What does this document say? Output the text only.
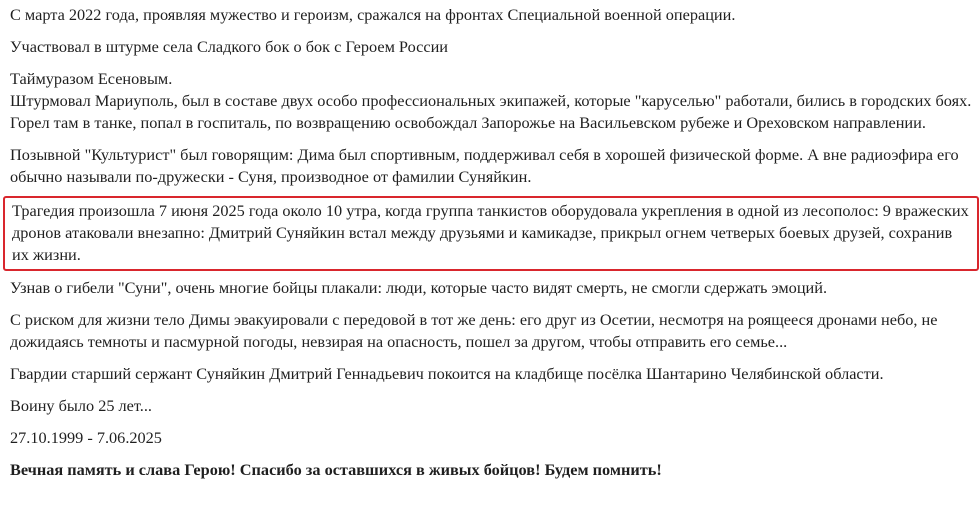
С марта 2022 года, проявляя мужество и героизм, сражался на фронтах Специальной военной операции.

Участвовал в штурме села Сладкого бок о бок с Героем России

Таймуразом Есеновым.

Штурмовал Мариуполь, был в составе двух особо профессиональных экипажей, которые "каруселью" работали, бились в городских боях. Горел там в танке, попал в госпиталь, по возвращению освобождал Запорожье на Васильевском рубеже и Ореховском направлении.

Позывной "Культурист" был говорящим: Дима был спортивным, поддерживал себя в хорошей физической форме. А вне радиоэфира его обычно называли по-дружески - Суня, производное от фамилии Суняйкин.

Трагедия произошла 7 июня 2025 года около 10 утра, когда группа танкистов оборудовала укрепления в одной из лесополос: 9 вражеских дронов атаковали внезапно: Дмитрий Суняйкин встал между друзьями и камикадзе, прикрыл огнем четверых боевых друзей, сохранив их жизни.

Узнав о гибели "Суни", очень многие бойцы плакали: люди, которые часто видят смерть, не смогли сдержать эмоций.

С риском для жизни тело Димы эвакуировали с передовой в тот же день: его друг из Осетии, несмотря на роящееся дронами небо, не дожидаясь темноты и пасмурной погоды, невзирая на опасность, пошел за другом, чтобы отправить его семье...

Гвардии старший сержант Суняйкин Дмитрий Геннадьевич покоится на кладбище посёлка Шантарино Челябинской области.

Воину было 25 лет...

27.10.1999 - 7.06.2025

Вечная память и слава Герою! Спасибо за оставшихся в живых бойцов! Будем помнить!
